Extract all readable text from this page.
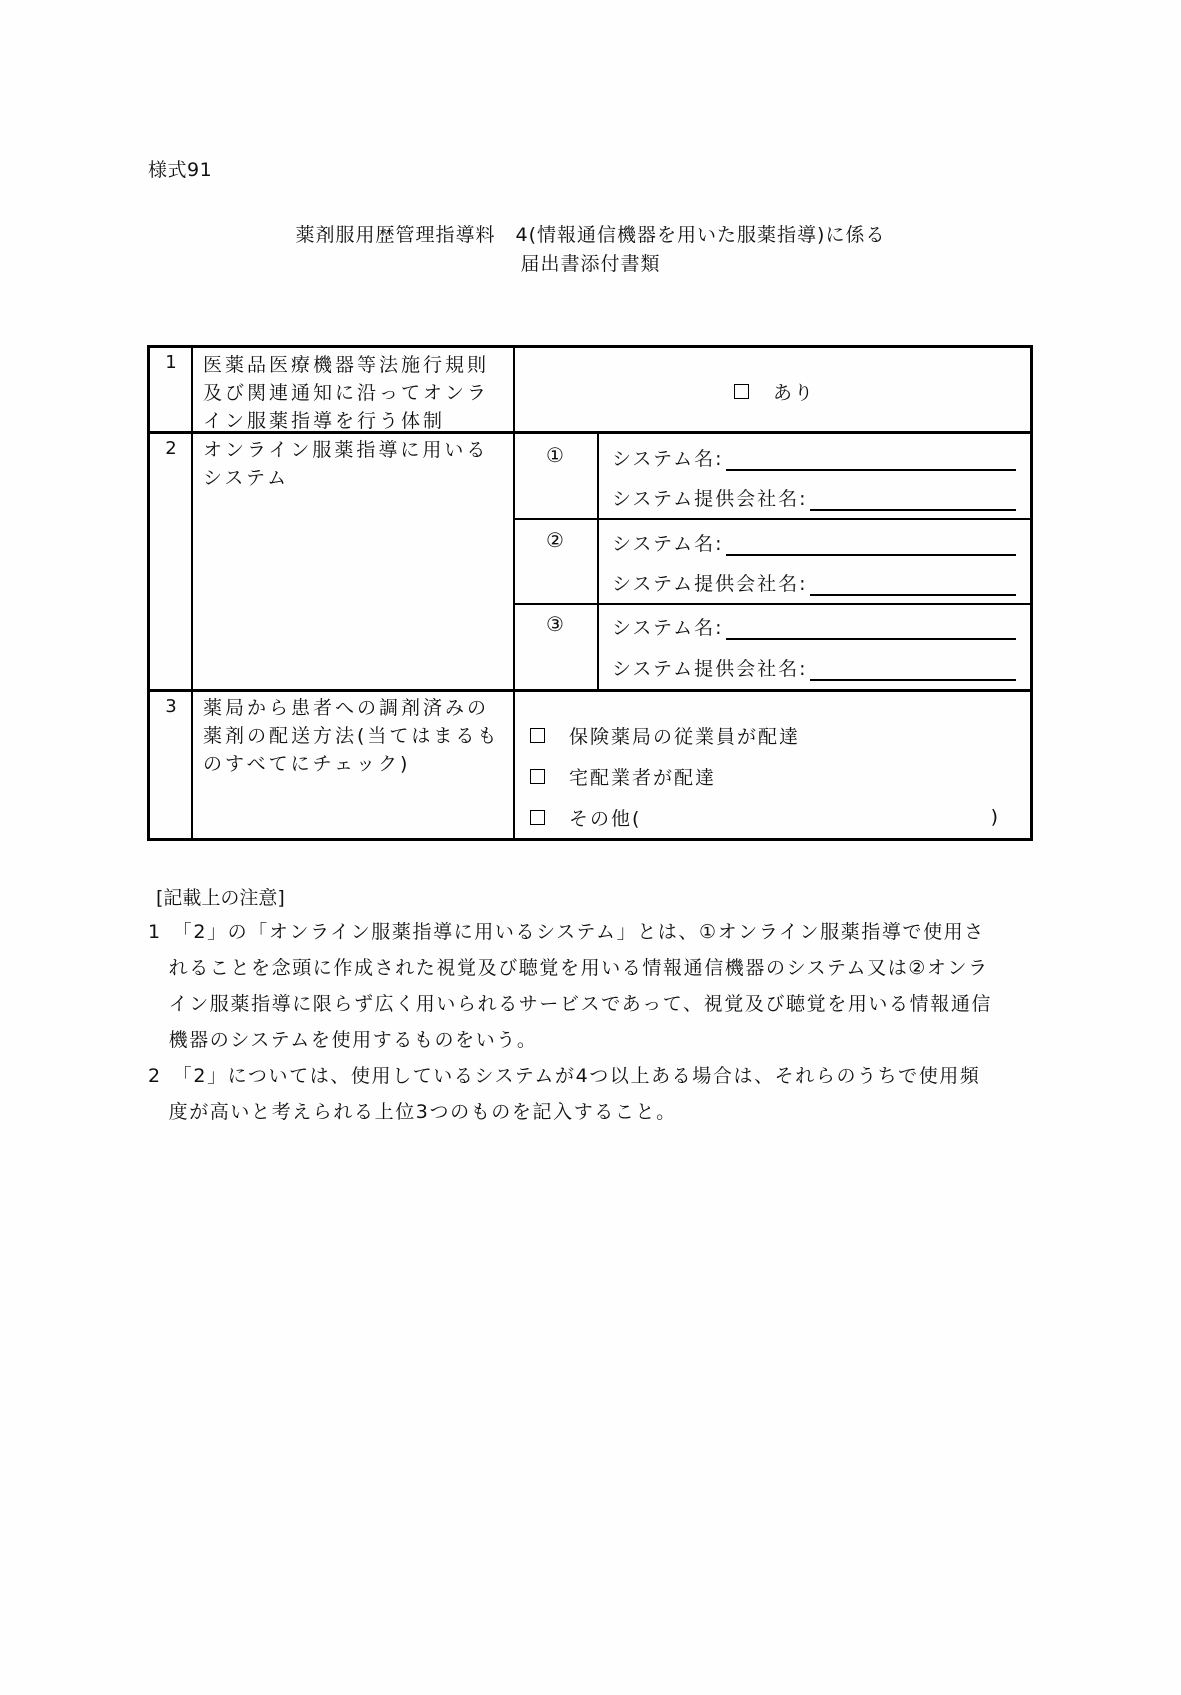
様式91
薬剤服用歴管理指導料　4(情報通信機器を用いた服薬指導)に係る
届出書添付書類
1	医薬品医療機器等法施行規則
及び関連通知に沿ってオンラ
イン服薬指導を行う体制
あり
2	オンライン服薬指導に用いる
システム
①	システム名:
システム提供会社名:
②	システム名:
システム提供会社名:
③	システム名:
システム提供会社名:
3	薬局から患者への調剤済みの
薬剤の配送方法(当てはまるも
のすべてにチェック)
保険薬局の従業員が配達
宅配業者が配達
その他(	)
[記載上の注意]
1　「2」の「オンライン服薬指導に用いるシステム」とは、①オンライン服薬指導で使用さ
　れることを念頭に作成された視覚及び聴覚を用いる情報通信機器のシステム又は②オンラ
　イン服薬指導に限らず広く用いられるサービスであって、視覚及び聴覚を用いる情報通信
　機器のシステムを使用するものをいう。
2　「2」については、使用しているシステムが4つ以上ある場合は、それらのうちで使用頻
　度が高いと考えられる上位3つのものを記入すること。
